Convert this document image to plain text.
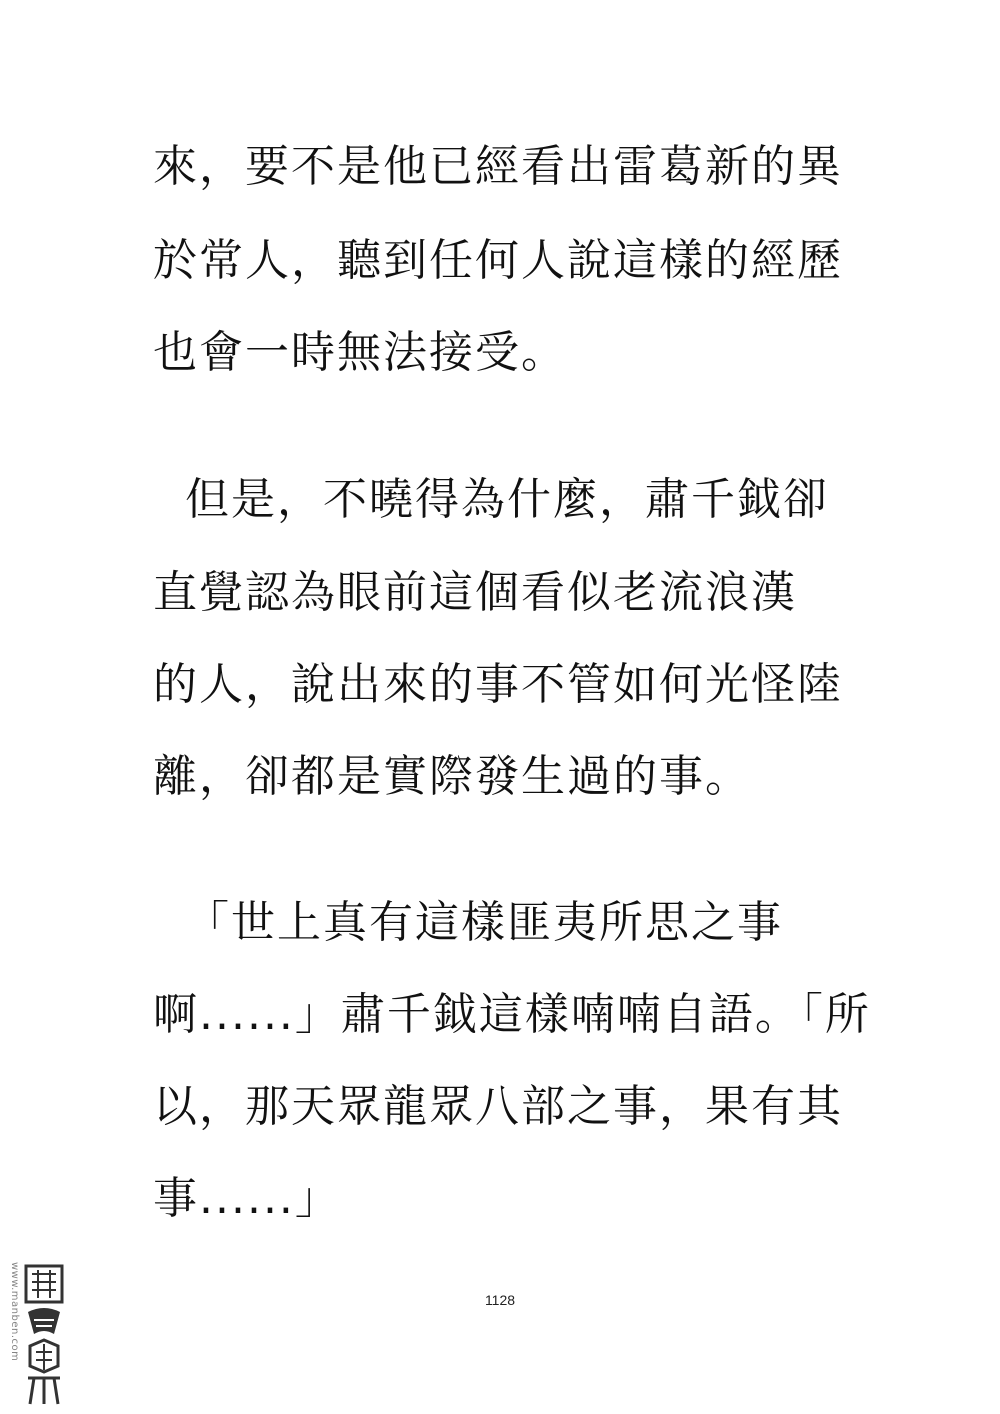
來，要不是他已經看出雷葛新的異
於常人，聽到任何人說這樣的經歷
也會一時無法接受。
但是，不曉得為什麼，肅千鉞卻
直覺認為眼前這個看似老流浪漢
的人，說出來的事不管如何光怪陸
離，卻都是實際發生過的事。
「世上真有這樣匪夷所思之事
啊......」肅千鉞這樣喃喃自語。「所
以，那天眾龍眾八部之事，果有其
事......」
1128
www.manben.com
